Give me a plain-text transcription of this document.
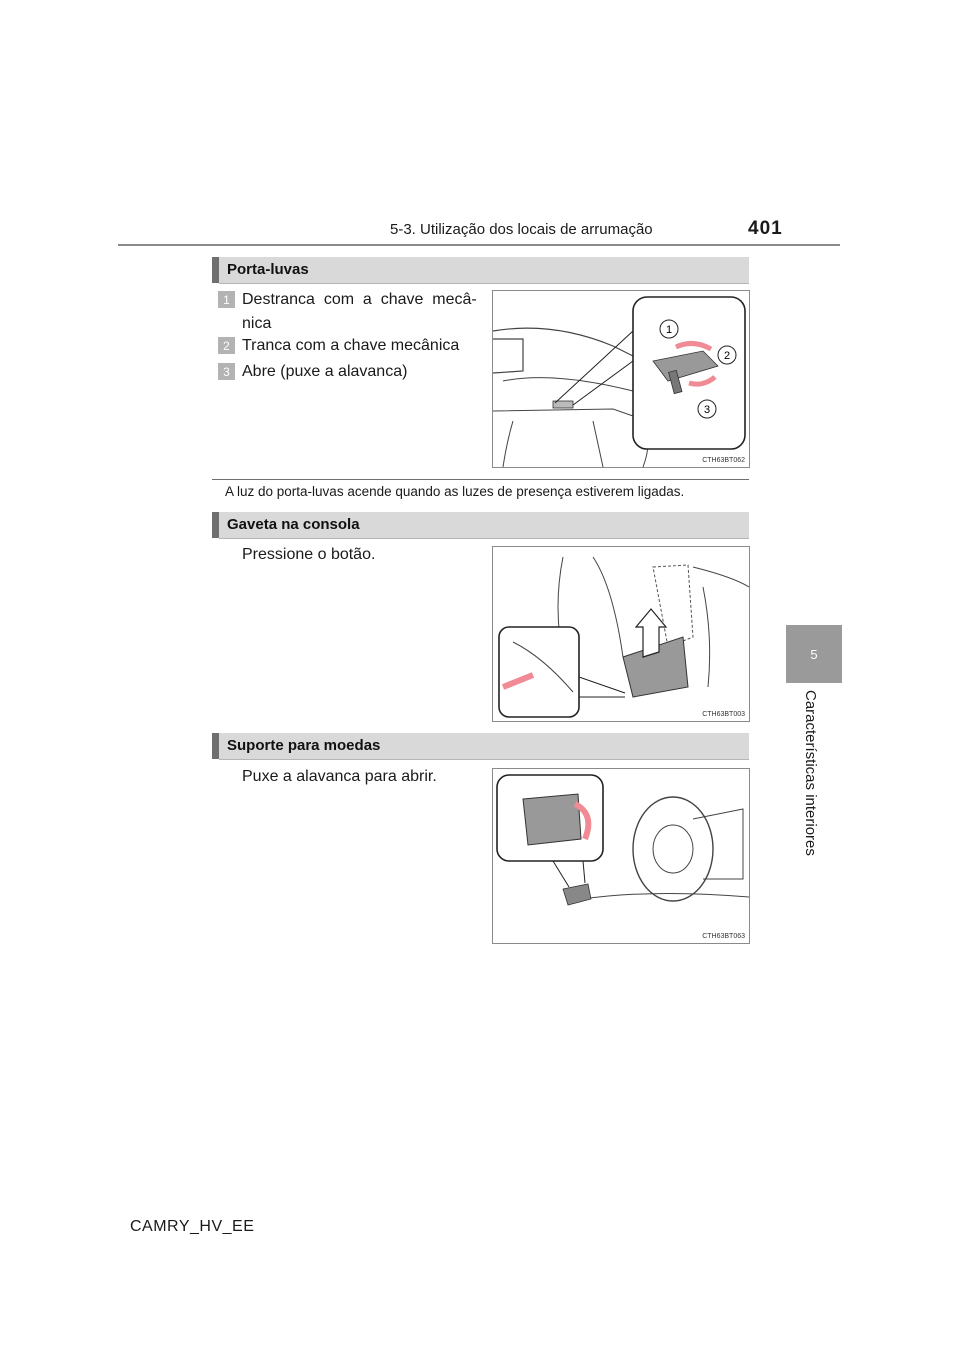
5-3. Utilização dos locais de arrumação	401
5
Características interiores
Porta-luvas
1 Destranca  com  a  chave  mecâ-
nica
2 Tranca com a chave mecânica
3 Abre (puxe a alavanca)
1
2
3
CTH63BT062
A luz do porta-luvas acende quando as luzes de presença estiverem ligadas.
Gaveta na consola
Pressione o botão.
CTH63BT003
Suporte para moedas
Puxe a alavanca para abrir.
CTH63BT063
CAMRY_HV_EE
